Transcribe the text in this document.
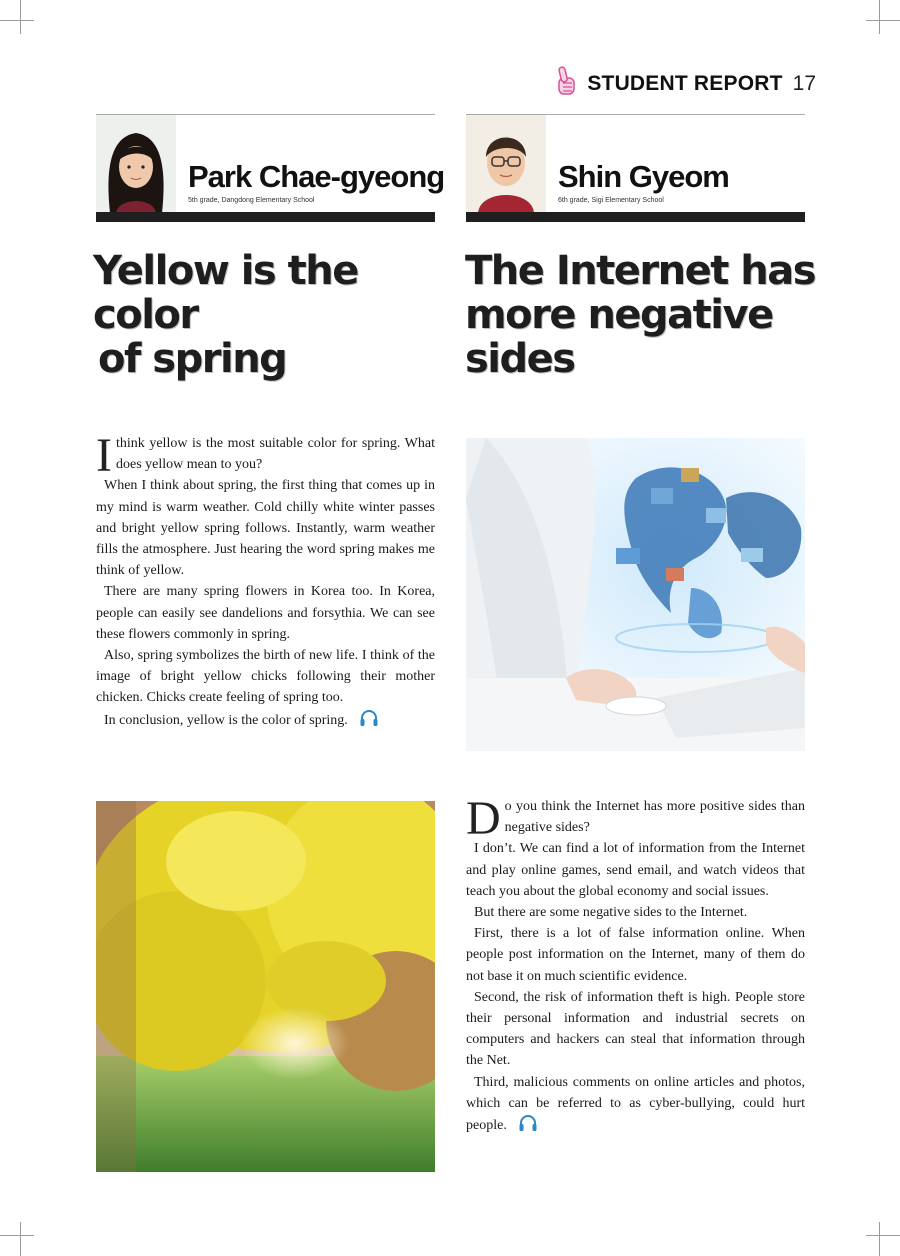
STUDENT REPORT 17
Park Chae-gyeong
5th grade, Dangdong Elementary School
Shin Gyeom
6th grade, Sigi Elementary School
Yellow is the color
of spring
The Internet has
more negative
sides

Ithink yellow is the most suitable color for spring. What does yellow mean to you?

When I think about spring, the first thing that comes up in my mind is warm weather. Cold chilly white winter passes and bright yellow spring follows. Instantly, warm weather fills the atmosphere. Just hearing the word spring makes me think of yellow.

There are many spring flowers in Korea too. In Korea, people can easily see dandelions and forsythia. We can see these flowers commonly in spring.

Also, spring symbolizes the birth of new life. I think of the image of bright yellow chicks following their mother chicken. Chicks create feeling of spring too.

In conclusion, yellow is the color of spring.

Do you think the Internet has more positive sides than negative sides?

I don’t. We can find a lot of information from the Internet and play online games, send email, and watch videos that teach you about the global economy and social issues.

But there are some negative sides to the Internet.

First, there is a lot of false information online. When people post information on the Internet, many of them do not base it on much scientific evidence.

Second, the risk of information theft is high. People store their personal information and industrial secrets on computers and hackers can steal that information through the Net.

Third, malicious comments on online articles and photos, which can be referred to as cyber-bullying, could hurt people.
